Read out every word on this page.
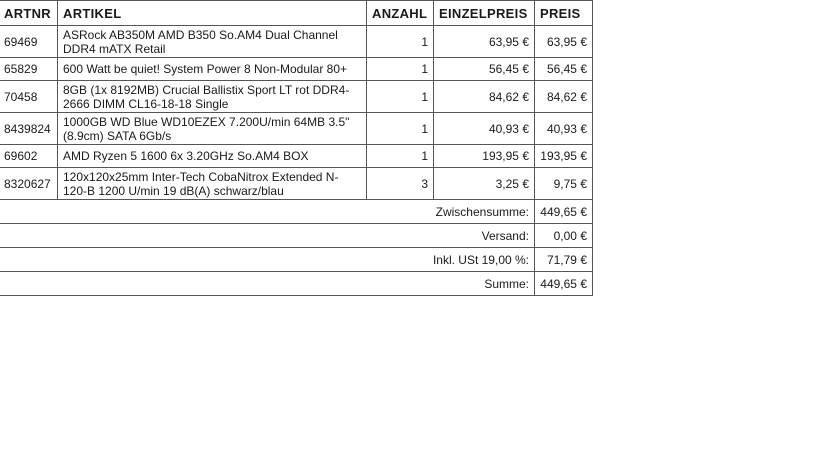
ARTNR	ARTIKEL	ANZAHL	EINZELPREIS	PREIS
69469	ASRock AB350M AMD B350 So.AM4 Dual Channel
DDR4 mATX Retail	1	63,95 €	63,95 €
65829	600 Watt be quiet! System Power 8 Non-Modular 80+	1	56,45 €	56,45 €
70458	8GB (1x 8192MB) Crucial Ballistix Sport LT rot DDR4-
2666 DIMM CL16-18-18 Single	1	84,62 €	84,62 €
8439824	1000GB WD Blue WD10EZEX 7.200U/min 64MB 3.5"
(8.9cm) SATA 6Gb/s	1	40,93 €	40,93 €
69602	AMD Ryzen 5 1600 6x 3.20GHz So.AM4 BOX	1	193,95 €	193,95 €
8320627	120x120x25mm Inter-Tech CobaNitrox Extended N-
120-B 1200 U/min 19 dB(A) schwarz/blau	3	3,25 €	9,75 €
Zwischensumme:				449,65 €
Versand:				0,00 €
Inkl. USt 19,00 %:				71,79 €
Summe:				449,65 €
